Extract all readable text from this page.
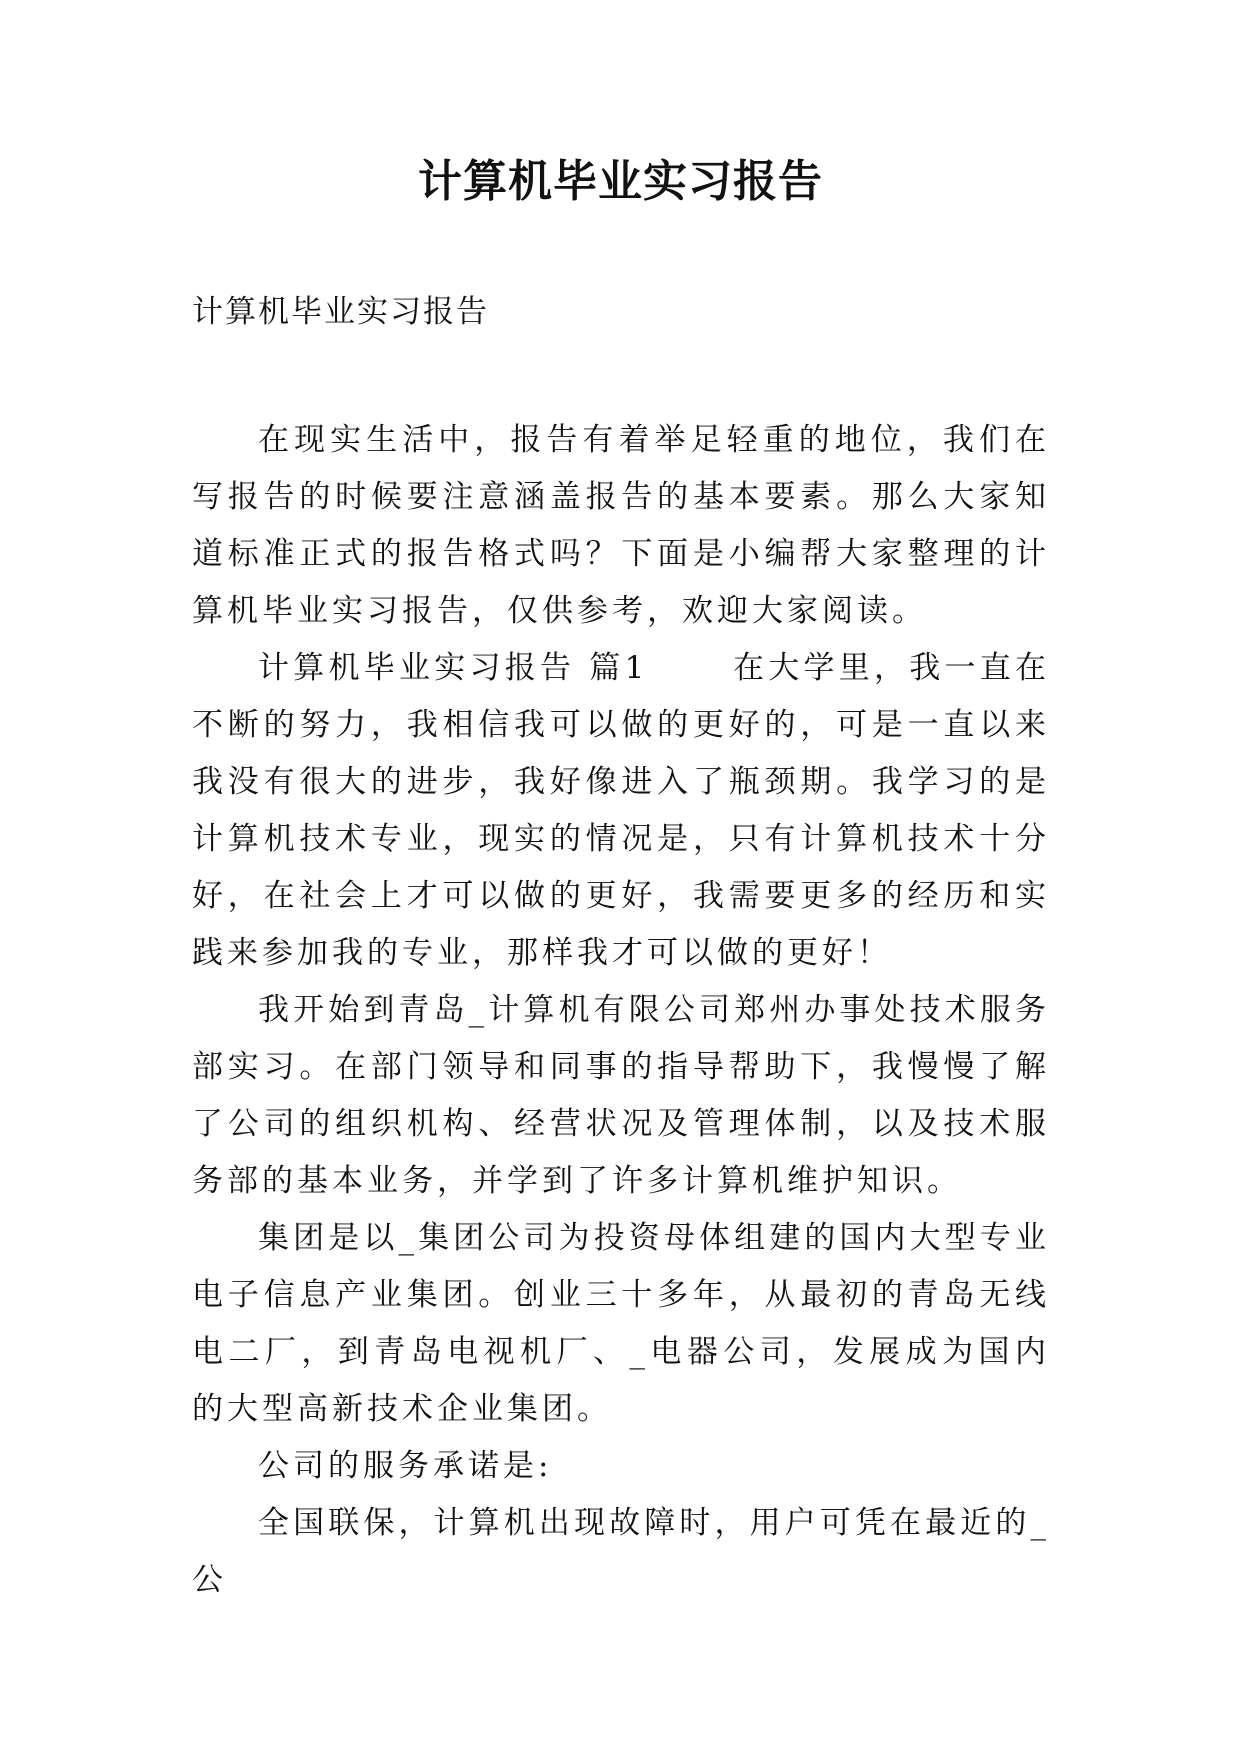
计算机毕业实习报告

计算机毕业实习报告

在现实生活中，报告有着举足轻重的地位，我们在写报告的时候要注意涵盖报告的基本要素。那么大家知道标准正式的报告格式吗？下面是小编帮大家整理的计算机毕业实习报告，仅供参考，欢迎大家阅读。

计算机毕业实习报告 篇1 　　在大学里，我一直在不断的努力，我相信我可以做的更好的，可是一直以来我没有很大的进步，我好像进入了瓶颈期。我学习的是计算机技术专业，现实的情况是，只有计算机技术十分好，在社会上才可以做的更好，我需要更多的经历和实践来参加我的专业，那样我才可以做的更好！

我开始到青岛_计算机有限公司郑州办事处技术服务部实习。在部门领导和同事的指导帮助下，我慢慢了解了公司的组织机构、经营状况及管理体制，以及技术服务部的基本业务，并学到了许多计算机维护知识。

集团是以_集团公司为投资母体组建的国内大型专业电子信息产业集团。创业三十多年，从最初的青岛无线电二厂，到青岛电视机厂、_电器公司，发展成为国内的大型高新技术企业集团。

公司的服务承诺是:

全国联保，计算机出现故障时，用户可凭在最近的_公
